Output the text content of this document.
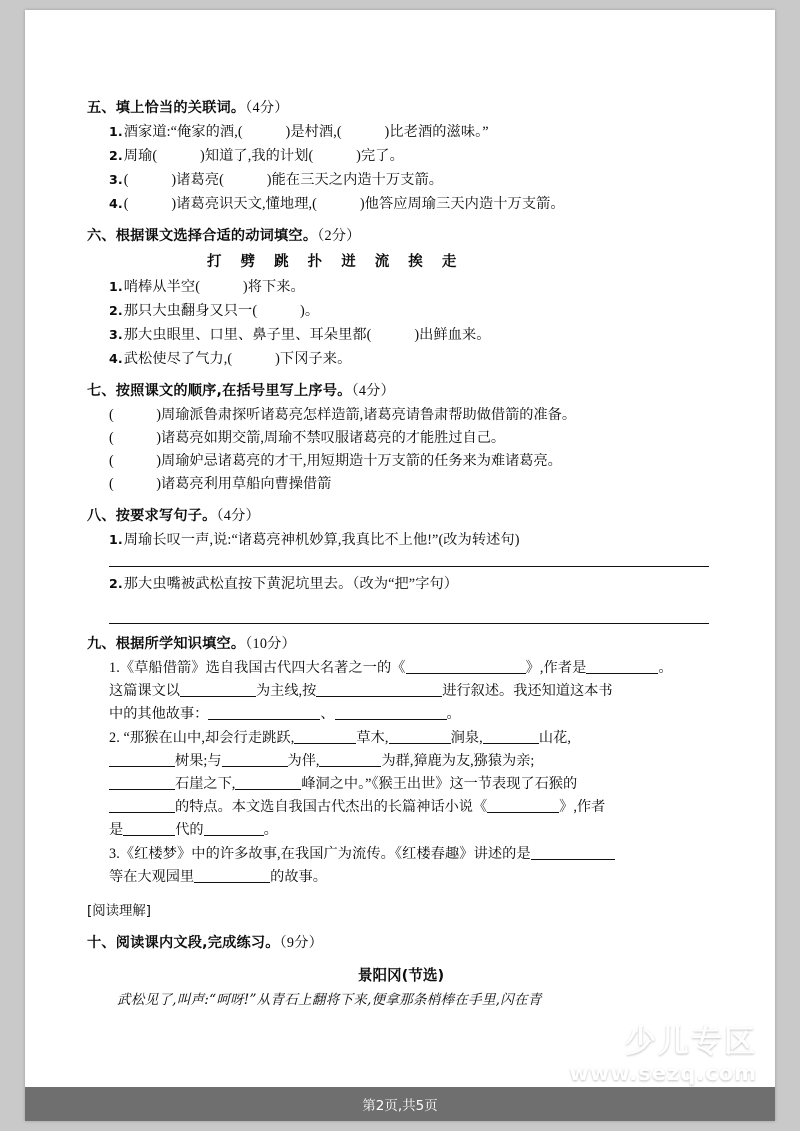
五、填上恰当的关联词。（4分）
1.酒家道:“俺家的酒,(　　　)是村酒,(　　　)比老酒的滋味。”
2.周瑜(　　　)知道了,我的计划(　　　)完了。
3.(　　　)诸葛亮(　　　)能在三天之内造十万支箭。
4.(　　　)诸葛亮识天文,懂地理,(　　　)他答应周瑜三天内造十万支箭。
六、根据课文选择合适的动词填空。（2分）
打 劈 跳 扑 迸 流 挨 走
1.哨棒从半空(　　　)将下来。
2.那只大虫翻身又只一(　　　)。
3.那大虫眼里、口里、鼻子里、耳朵里都(　　　)出鲜血来。
4.武松使尽了气力,(　　　)下冈子来。
七、按照课文的顺序,在括号里写上序号。（4分）
(　　　)周瑜派鲁肃探听诸葛亮怎样造箭,诸葛亮请鲁肃帮助做借箭的准备。
(　　　)诸葛亮如期交箭,周瑜不禁叹服诸葛亮的才能胜过自己。
(　　　)周瑜妒忌诸葛亮的才干,用短期造十万支箭的任务来为难诸葛亮。
(　　　)诸葛亮利用草船向曹操借箭
八、按要求写句子。（4分）
1.周瑜长叹一声,说:“诸葛亮神机妙算,我真比不上他!”(改为转述句)
2.那大虫嘴被武松直按下黄泥坑里去。（改为“把”字句）
九、根据所学知识填空。（10分）
1.《草船借箭》选自我国古代四大名著之一的《	》,作者是	。
这篇课文以	为主线,按	进行叙述。我还知道这本书
中的其他故事：	、	。
2. “那猴在山中,却会行走跳跃,	草木,	涧泉,	山花,
树果;与	为伴,	为群,獐鹿为友,猕猿为亲;
石崖之下,	峰洞之中。”《猴王出世》这一节表现了石猴的
的特点。本文选自我国古代杰出的长篇神话小说《	》,作者
是	代的	。
3.《红楼梦》中的许多故事,在我国广为流传。《红楼春趣》讲述的是
等在大观园里	的故事。
[阅读理解]
十、阅读课内文段,完成练习。（9分）
景阳冈(节选)
武松见了,叫声:“呵呀!”从青石上翻将下来,便拿那条梢棒在手里,闪在青
少儿专区
www.sezq.com
第2页,共5页
